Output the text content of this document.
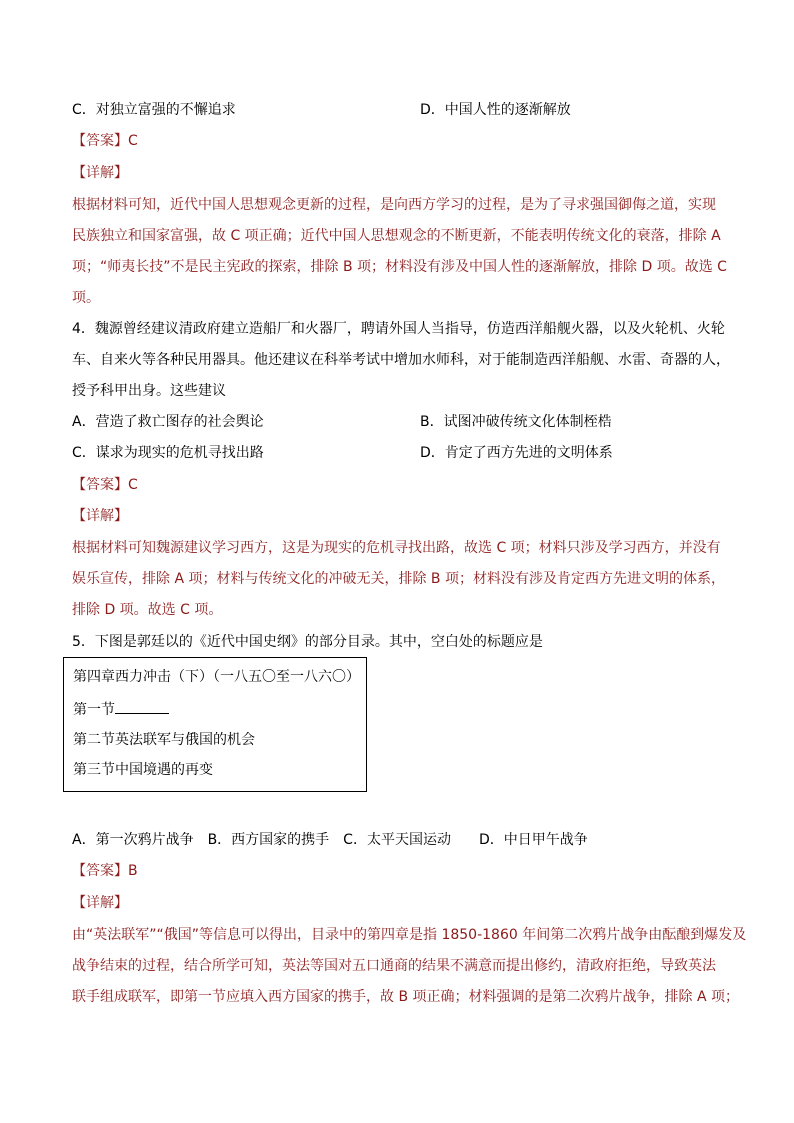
C．对独立富强的不懈追求	D．中国人性的逐渐解放
【答案】C
【详解】
根据材料可知，近代中国人思想观念更新的过程，是向西方学习的过程，是为了寻求强国御侮之道，实现
民族独立和国家富强，故 C 项正确；近代中国人思想观念的不断更新，不能表明传统文化的衰落，排除 A
项；“师夷长技”不是民主宪政的探索，排除 B 项；材料没有涉及中国人性的逐渐解放，排除 D 项。故选 C
项。
4．魏源曾经建议清政府建立造船厂和火器厂，聘请外国人当指导，仿造西洋船舰火器，以及火轮机、火轮
车、自来火等各种民用器具。他还建议在科举考试中增加水师科，对于能制造西洋船舰、水雷、奇器的人，
授予科甲出身。这些建议
A．营造了救亡图存的社会舆论	B．试图冲破传统文化体制桎梏
C．谋求为现实的危机寻找出路	D．肯定了西方先进的文明体系
【答案】C
【详解】
根据材料可知魏源建议学习西方，这是为现实的危机寻找出路，故选 C 项；材料只涉及学习西方，并没有
娱乐宣传，排除 A 项；材料与传统文化的冲破无关，排除 B 项；材料没有涉及肯定西方先进文明的体系，
排除 D 项。故选 C 项。
5．下图是郭廷以的《近代中国史纲》的部分目录。其中，空白处的标题应是
第四章西力冲击（下）（一八五〇至一八六〇）
第一节
第二节英法联军与俄国的机会
第三节中国境遇的再变
A．第一次鸦片战争　B．西方国家的携手　C．太平天国运动　　D．中日甲午战争
【答案】B
【详解】
由“英法联军”“俄国”等信息可以得出，目录中的第四章是指 1850-1860 年间第二次鸦片战争由酝酿到爆发及
战争结束的过程，结合所学可知，英法等国对五口通商的结果不满意而提出修约，清政府拒绝，导致英法
联手组成联军，即第一节应填入西方国家的携手，故 B 项正确；材料强调的是第二次鸦片战争，排除 A 项；
